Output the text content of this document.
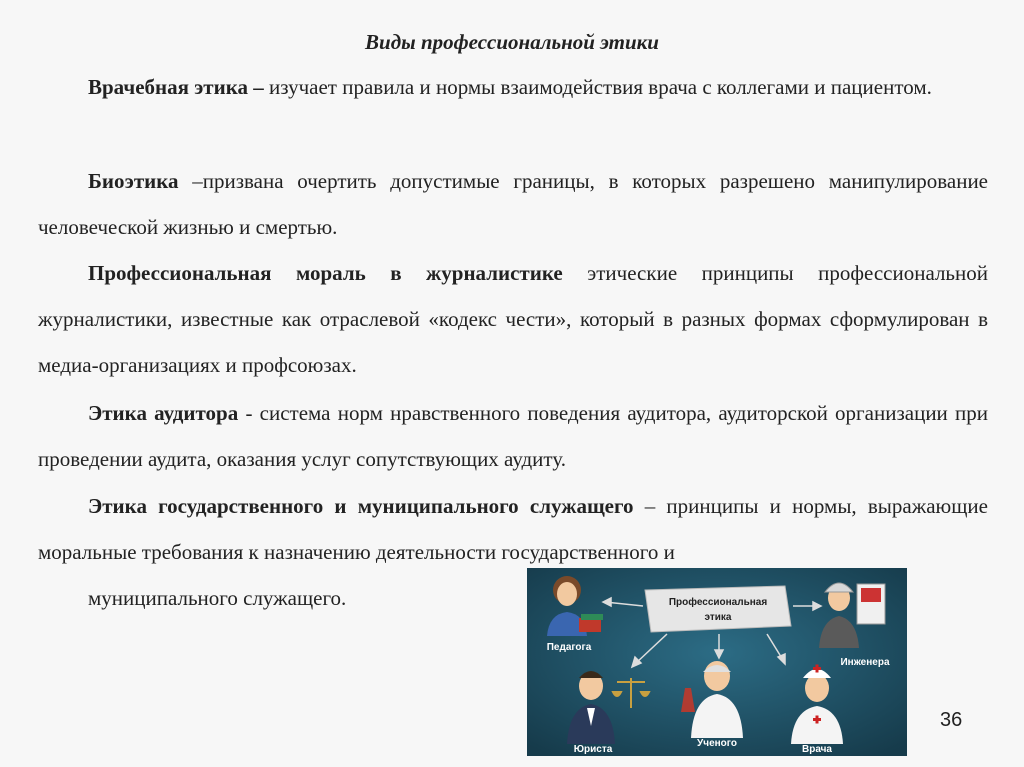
Виды профессиональной этики
Врачебная этика – изучает правила и нормы взаимодействия врача с коллегами и пациентом.
Биоэтика –призвана очертить допустимые границы, в которых разрешено манипулирование человеческой жизнью и смертью.
Профессиональная мораль в журналистике этические принципы профессиональной журналистики, известные как отраслевой «кодекс чести», который в разных формах сформулирован в медиа-организациях и профсоюзах.
Этика аудитора - система норм нравственного поведения аудитора, аудиторской организации при проведении аудита, оказания услуг сопутствующих аудиту.
Этика государственного и муниципального служащего – принципы и нормы, выражающие моральные требования к назначению деятельности государственного и
муниципального служащего.	Профессиональная
этика
Педагога
Инженера
Юриста
Ученого
Врача
36
